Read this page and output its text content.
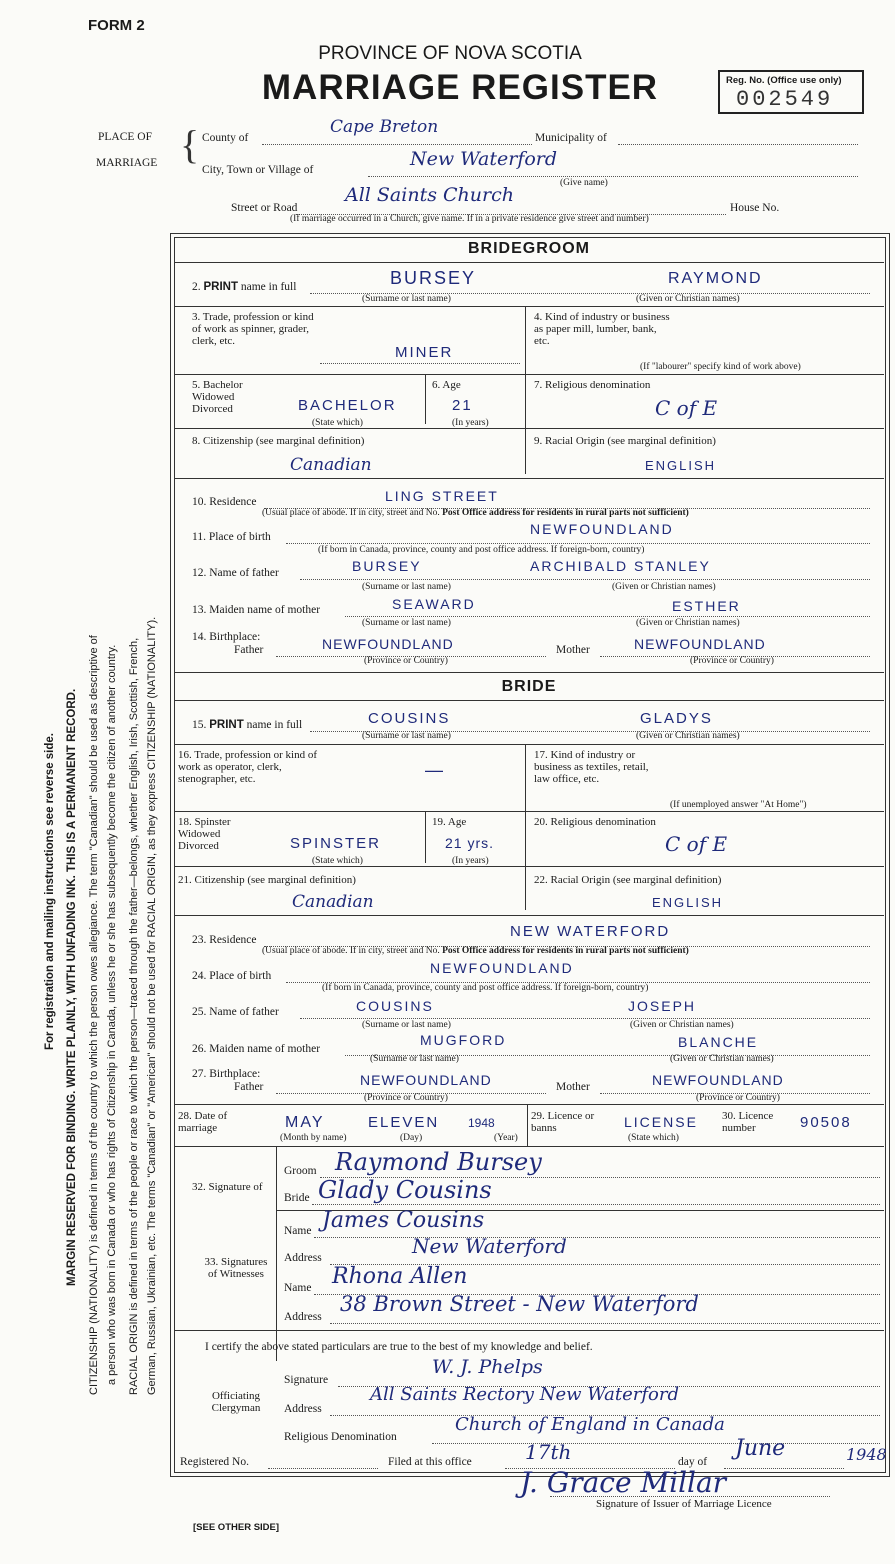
FORM 2
PROVINCE OF NOVA SCOTIA
MARRIAGE REGISTER	Reg. No. (Office use only)
002549
PLACE OF
MARRIAGE { County of
Cape Breton
Municipality of
City, Town or Village of	New Waterford
(Give name)
Street or Road
All Saints Church
House No.
(If marriage occurred in a Church, give name. If in a private residence give street and number)
For registration and mailing instructions see reverse side. MARGIN RESERVED FOR BINDING. WRITE PLAINLY, WITH UNFADING INK. THIS IS A PERMANENT RECORD. CITIZENSHIP (NATIONALITY) is defined in terms of the country to which the person owes allegiance. The term "Canadian" should be used as descriptive of a person who was born in Canada or who has rights of Citizenship in Canada, unless he or she has subsequently become the citizen of another country. RACIAL ORIGIN is defined in terms of the people or race to which the person—traced through the father—belongs, whether English, Irish, Scottish, French, German, Russian, Ukrainian, etc. The terms "Canadian" or "American" should not be used for RACIAL ORIGIN, as they express CITIZENSHIP (NATIONALITY).
BRIDEGROOM
2. PRINT name in full	BURSEY	RAYMOND
(Surname or last name)	(Given or Christian names)
3. Trade, profession or kind of work as spinner, grader, clerk, etc.
MINER
4. Kind of industry or business as paper mill, lumber, bank, etc.
(If "labourer" specify kind of work above)
5. Bachelor Widowed Divorced	BACHELOR
(State which)
6. Age
21
(In years)
7. Religious denomination
C of E
8. Citizenship (see marginal definition)
Canadian
9. Racial Origin (see marginal definition)
ENGLISH
10. Residence	LING STREET
(Usual place of abode. If in city, street and No. Post Office address for residents in rural parts not sufficient)
11. Place of birth	NEWFOUNDLAND
(If born in Canada, province, county and post office address. If foreign-born, country)
12. Name of father	BURSEY	ARCHIBALD STANLEY
(Surname or last name)	(Given or Christian names)
13. Maiden name of mother	SEAWARD	ESTHER
(Surname or last name)	(Given or Christian names)
14. Birthplace:
Father	NEWFOUNDLAND	Mother	NEWFOUNDLAND
(Province or Country)	(Province or Country)
BRIDE
15. PRINT name in full	COUSINS	GLADYS
(Surname or last name)	(Given or Christian names)
16. Trade, profession or kind of work as operator, clerk, stenographer, etc.	—
17. Kind of industry or business as textiles, retail, law office, etc.
(If unemployed answer "At Home")
18. Spinster Widowed Divorced	SPINSTER
(State which)
19. Age
21 yrs.
(In years)
20. Religious denomination
C of E
21. Citizenship (see marginal definition)
Canadian
22. Racial Origin (see marginal definition)
ENGLISH
23. Residence	NEW WATERFORD
(Usual place of abode. If in city, street and No. Post Office address for residents in rural parts not sufficient)
24. Place of birth	NEWFOUNDLAND
(If born in Canada, province, county and post office address. If foreign-born, country)
25. Name of father	COUSINS	JOSEPH
(Surname or last name)	(Given or Christian names)
26. Maiden name of mother
MUGFORD	BLANCHE
(Surname or last name)	(Given or Christian names)
27. Birthplace:
Father	NEWFOUNDLAND	Mother	NEWFOUNDLAND
(Province or Country)	(Province or Country)
28. Date of marriage	MAY	ELEVEN 1948
(Month by name)	(Day)	(Year)
29. Licence or banns	LICENSE
(State which)
30. Licence number	90508
32. Signature of
Groom Raymond Bursey
Bride Glady Cousins
33. Signatures of Witnesses
Name James Cousins
Address	New Waterford
Name Rhona Allen
Address
38 Brown Street - New Waterford
I certify the above stated particulars are true to the best of my knowledge and belief.
Officiating Clergyman
Signature
W. J. Phelps
Address
All Saints Rectory New Waterford
Religious Denomination
Church of England in Canada
Registered No.	Filed at this office	17th	day of
June	1948
J. Grace Millar
Signature of Issuer of Marriage Licence
[SEE OTHER SIDE]
